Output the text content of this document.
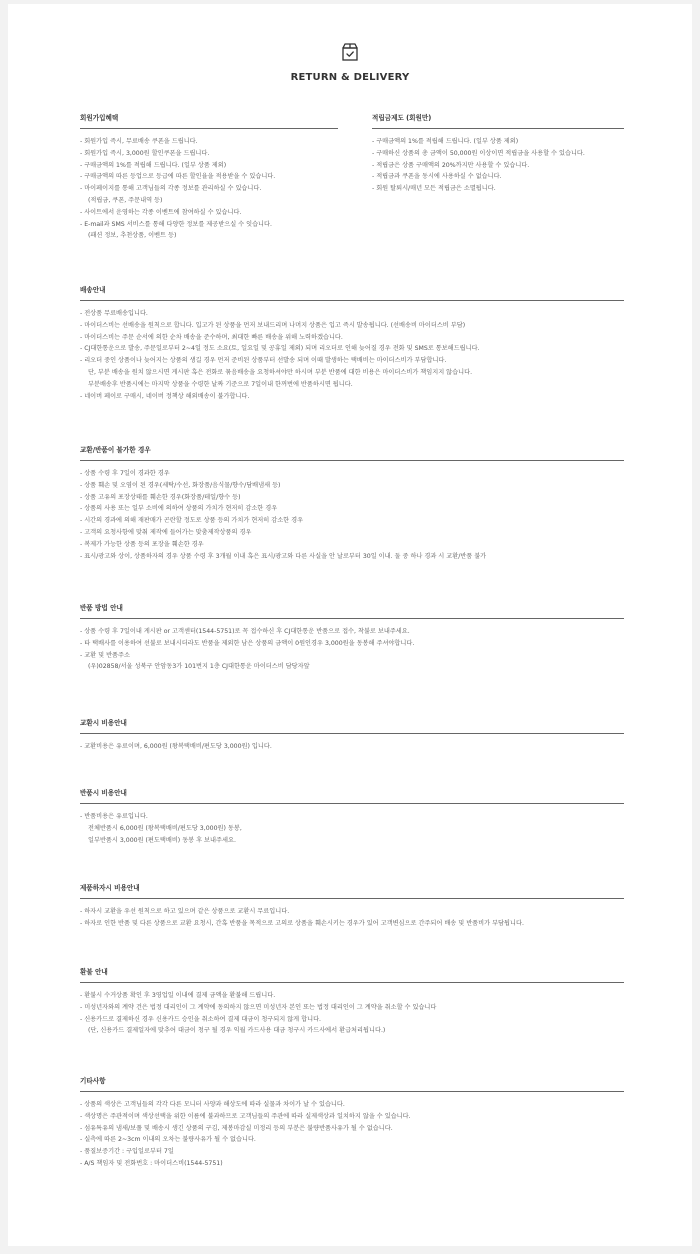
RETURN & DELIVERY
회원가입혜택
- 회원가입 즉시, 무료배송 쿠폰을 드립니다.
- 회원가입 즉시, 3,000원 할인쿠폰을 드립니다.
- 구매금액의 1%를 적립해 드립니다. (일부 상품 제외)
- 구매금액의 따른 등업으로 등급에 따른 할인율을 적용받을 수 있습니다.
- 마이페이지를 통해 고객님들의 각종 정보를 관리하실 수 있습니다.
(적립금, 쿠폰, 주문내역 등)
- 사이트에서 운영하는 각종 이벤트에 참여하실 수 있습니다.
- E-mail과 SMS 서비스를 통해 다양한 정보를 제공받으실 수 잇습니다.
(패션 정보, 추천상품, 이벤트 등)
적립금제도 (회원만)
- 구매금액의 1%를 적립해 드립니다. (일부 상품 제외)
- 구매하신 상품의 총 금액이 50,000원 이상이면 적립금을 사용할 수 있습니다.
- 적립금은 상품 구매액의 20%까지만 사용할 수 있습니다.
- 적립금과 쿠폰을 동시에 사용하실 수 없습니다.
- 회원 탈퇴시/매년 모든 적립금은 소멸됩니다.
배송안내
- 전상품 무료배송입니다.
- 마이더스비는 선배송을 원칙으로 합니다. 입고가 된 상품을 먼저 보내드리며 나머지 상품은 입고 즉시 발송됩니다. (선배송비 마이더스비 부담)
- 마이더스비는 주문 순서에 의한 순차 배송을 준수하며, 최대한 빠른 배송을 위해 노력하겠습니다.
- CJ대한통운으로 발송, 주문일로부터 2~4일 정도 소요(토, 일요일 및 공휴일 제외) 되며 리오더로 인해 늦어질 경우 전화 및 SMS로 통보해드립니다.
- 리오더 중인 상품이나 늦어지는 상품의 생길 경우 먼저 준비된 상품부터 선발송 되며 이때 발생하는 택배비는 마이더스비가 부담합니다.
단, 부분 배송을 원치 않으시면 게시판 혹은 전화로 묶음배송을 요청하셔야만 하시며 부분 반품에 대한 비용은 마이더스비가 책임지지 않습니다.
부분배송후 반품시에는 마지막 상품을 수령한 날짜 기준으로 7일이내 한꺼번에 반품하시면 됩니다.
- 네이버 페이로 구매시, 네이버 정책상 해외배송이 불가합니다.
교환/반품이 불가한 경우
- 상품 수령 후 7일이 경과한 경우
- 상품 훼손 및 오염이 된 경우(세탁/수선, 화장품/음식물/향수/담배냄새 등)
- 상품 고유의 포장상태를 훼손한 경우(화장품/테일/향수 등)
- 상품의 사용 또는 일부 소비에 의하여 상품의 가치가 현저히 감소한 경우
- 시간의 경과에 의해 재판매가 곤란할 정도로 상품 등의 가치가 현저히 감소한 경우
- 고객의 요청사항에 맞춰 제작에 들어가는 맞춤제작상품의 경우
- 복제가 가능한 상품 등의 포장을 훼손한 경우
- 표시/광고와 상이, 상품하자의 경우 상품 수령 후 3개월 이내 혹은 표시/광고와 다른 사실을 안 날로부터 30일 이내. 둘 중 하나 경과 시 교환/반품 불가
반품 방법 안내
- 상품 수령 후 7일이내 게시판 or 고객센터(1544-5751)로 꼭 접수하신 후 CJ대한통운 반품으로 접수, 착불로 보내주세요.
- 타 택배사를 이용하여 선불로 보내시더라도 반품을 제외한 남은 상품의 금액이 0원인경우 3,000원을 동봉해 주셔야합니다.
- 교환 및 반품주소
(우)02858/서울 성북구 안암동3가 101번지 1층 CJ대한통운 마이더스비 담당자앞
교환시 비용안내
- 교환비용은 유료이며, 6,000원 (왕복택배비/편도당 3,000원) 입니다.
반품시 비용안내
- 반품비용은 유료입니다.
전체반품시 6,000원 (왕복택배비/편도당 3,000원) 동봉,
일부반품시 3,000원 (편도택배비) 동봉 후 보내주세요.
제품하자시 비용안내
- 하자시 교환을 우선 원칙으로 하고 있으며 같은 상품으로 교환시 무료입니다.
- 하자로 인한 반품 및 다른 상품으로 교환 요청시, 간혹 반품을 목적으로 고의로 상품을 훼손시키는 경우가 있어 고객변심으로 간주되어 배송 및 반품비가 부담됩니다.
환불 안내
- 환불시 수거상품 확인 후 3영업일 이내에 결제 금액을 환불해 드립니다.
- 미성년자와의 계약 건은 법정 대리인이 그 계약에 동의하지 않으면 미성년자 본인 또는 법정 대리인이 그 계약을 취소할 수 있습니다
- 신용카드로 결제하신 경우 신용카드 승인을 취소하여 결제 대금이 청구되지 않게 합니다.
(단, 신용카드 결제일자에 맞추어 대금이 청구 될 경우 익월 카드사용 대금 청구시 카드사에서 환급처리됩니다.)
기타사항
- 상품의 색상은 고객님들의 각각 다른 모니터 사양과 해상도에 따라 실물과 차이가 날 수 있습니다.
- 색상명은 주관적이며 색상선택을 위한 이름에 불과하므로 고객님들의 주관에 따라 실제색상과 일치하지 않을 수 있습니다.
- 섬유특유의 냄새/보풀 및 배송시 생긴 상품의 구김, 제봉마감실 미정리 등의 부분은 불량반품사유가 될 수 없습니다.
- 실측에 따른 2~3cm 이내의 오차는 불량사유가 될 수 없습니다.
- 품질보증기간 : 구입일로부터 7일
- A/S 책임자 및 전화번호 : 마이더스비(1544-5751)
